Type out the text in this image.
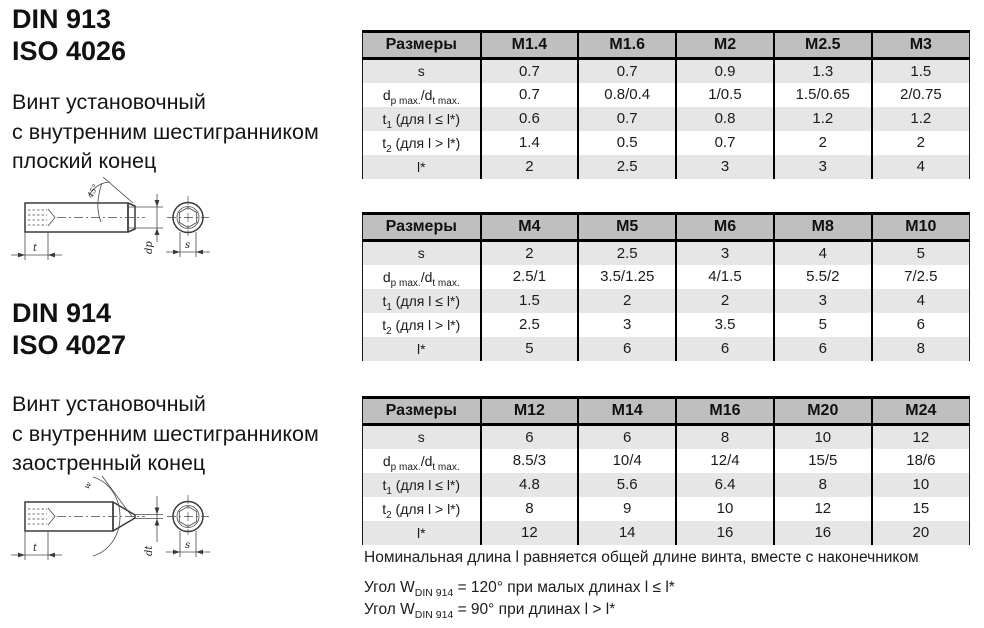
DIN 913
ISO 4026
Винт установочный
с внутренним шестигранником
плоский конец
45°
t	dp	s
DIN 914
ISO 4027
Винт установочный
с внутренним шестигранником
заостренный конец
w
t	dt	s
Размеры	M1.4	M1.6	M2	M2.5	M3
s	0.7	0.7	0.9	1.3	1.5
$d_{p max.}/d_{t max.}$	0.7	0.8/0.4	1/0.5	1.5/0.65	2/0.75
$t_1$ (для l ≤ l*)	0.6	0.7	0.8	1.2	1.2
$t_2$ (для l > l*)	1.4	0.5	0.7	2	2
l*	2	2.5	3	3	4
Размеры	M4	M5	M6	M8	M10
s	2	2.5	3	4	5
$d_{p max.}/d_{t max.}$	2.5/1	3.5/1.25	4/1.5	5.5/2	7/2.5
$t_1$ (для l ≤ l*)	1.5	2	2	3	4
$t_2$ (для l > l*)	2.5	3	3.5	5	6
l*	5	6	6	6	8
Размеры	M12	M14	M16	M20	M24
s	6	6	8	10	12
$d_{p max.}/d_{t max.}$	8.5/3	10/4	12/4	15/5	18/6
$t_1$ (для l ≤ l*)	4.8	5.6	6.4	8	10
$t_2$ (для l > l*)	8	9	10	12	15
l*	12	14	16	16	20
Номинальная длина l равняется общей длине винта, вместе с наконечником
Угол $W_{DIN 914} = 120^\circ$ при малых длинах l ≤ l*
Угол $W_{DIN 914} = 90^\circ$ при длинах l > l*
